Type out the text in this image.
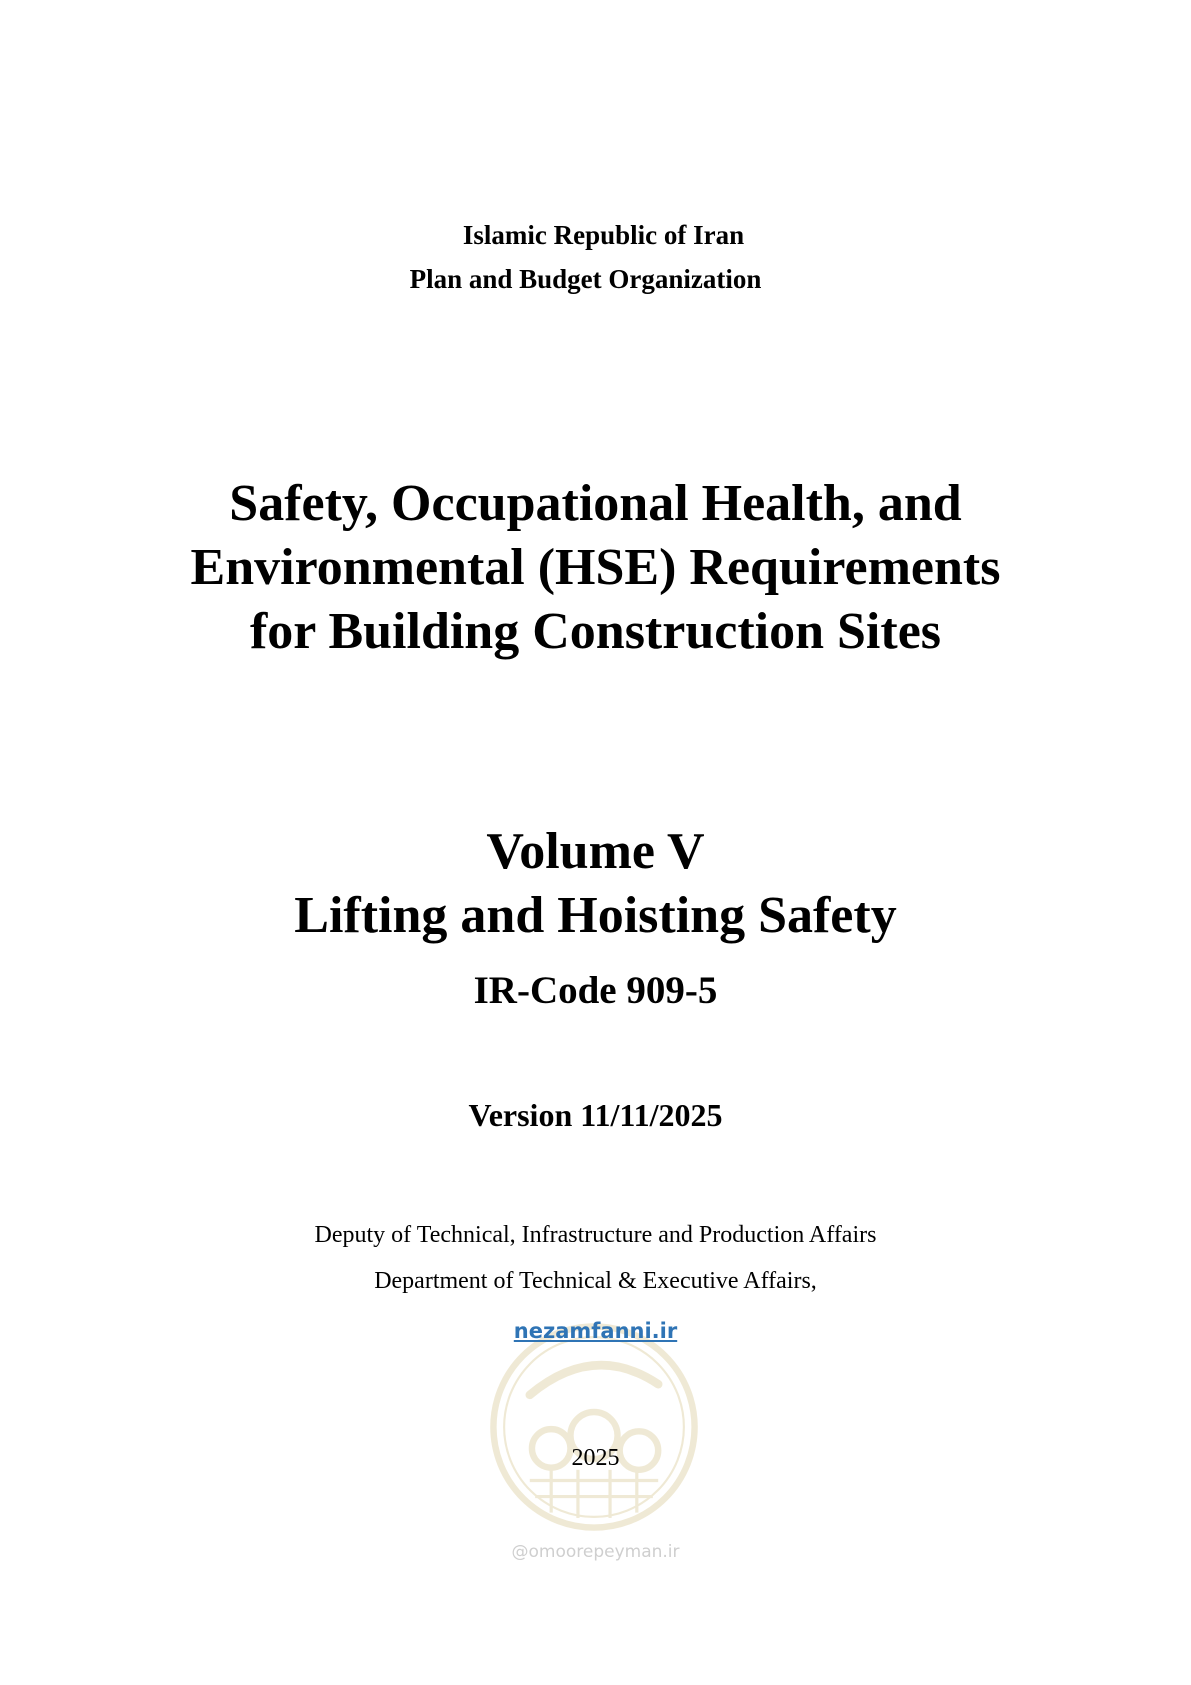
Islamic Republic of Iran
Plan and Budget Organization
Safety, Occupational Health, and
Environmental (HSE) Requirements
for Building Construction Sites
Volume V
Lifting and Hoisting Safety
IR-Code 909-5
Version 11/11/2025
Deputy of Technical, Infrastructure and Production Affairs
Department of Technical & Executive Affairs,
nezamfanni.ir
2025
@omoorepeyman.ir
